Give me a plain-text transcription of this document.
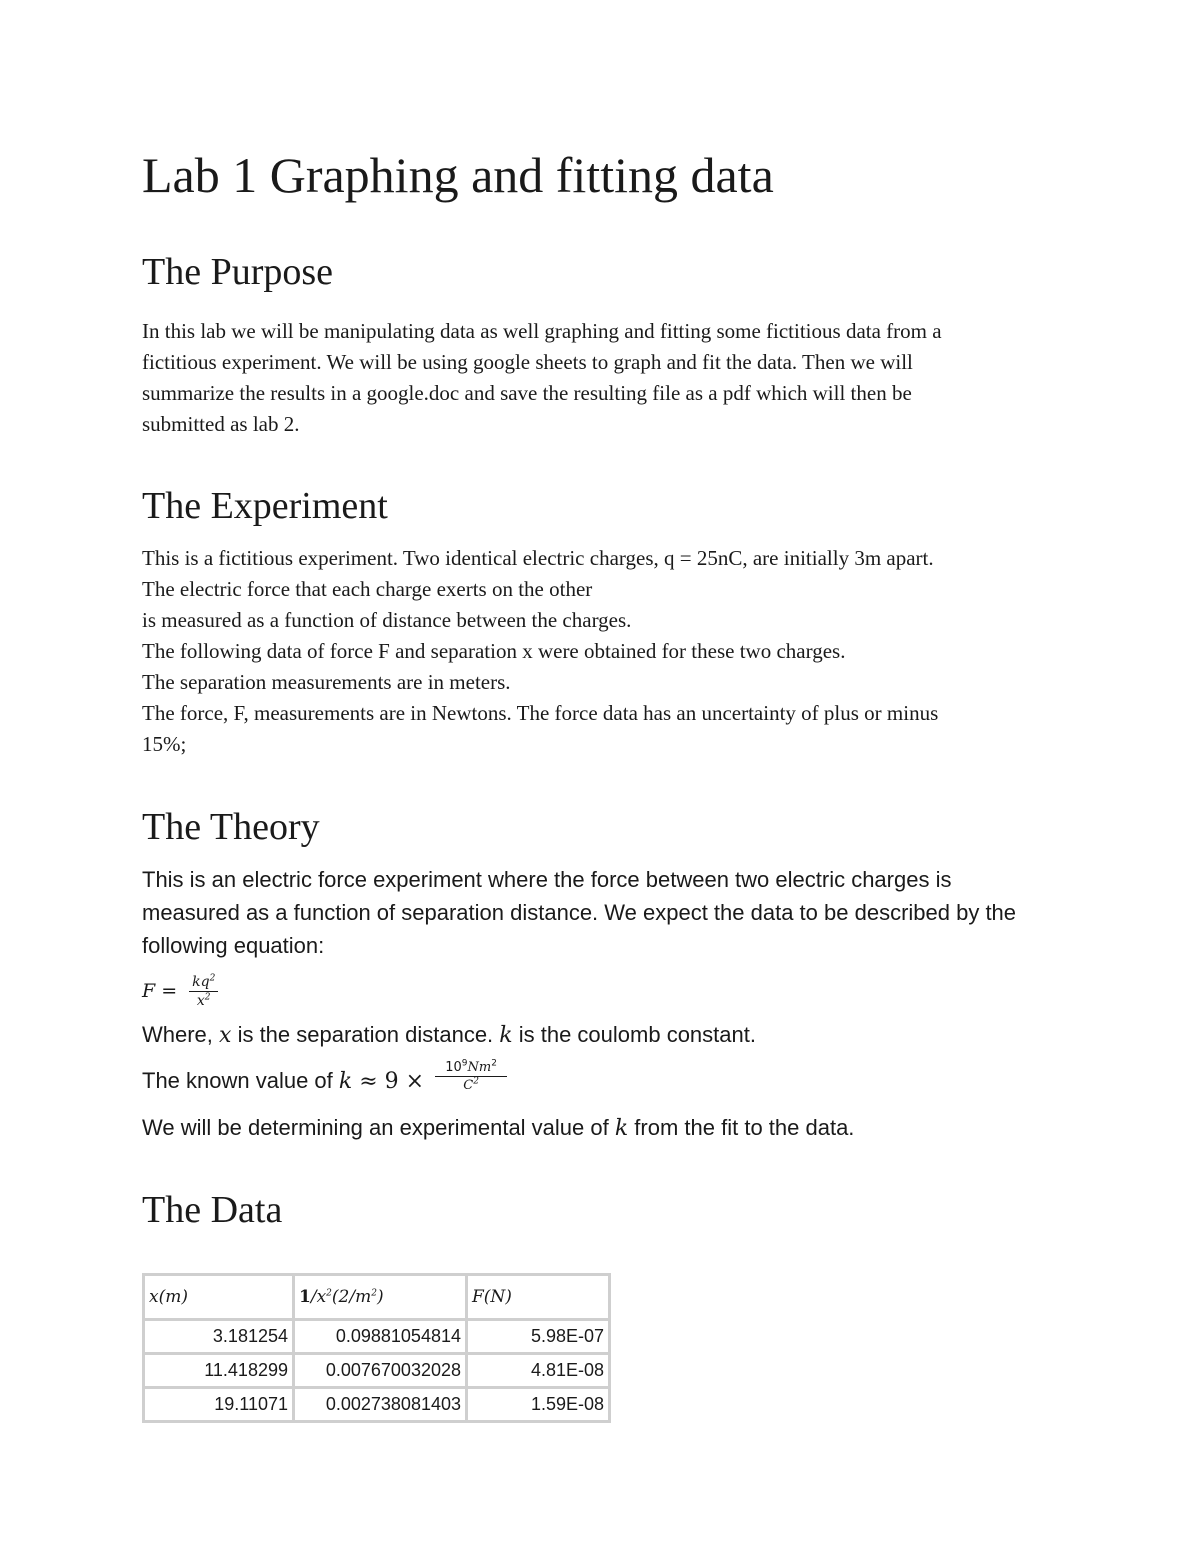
Lab 1 Graphing and fitting data
The Purpose
In this lab we will be manipulating data as well graphing and fitting some fictitious data from a
fictitious experiment. We will be using google sheets to graph and fit the data. Then we will
summarize the results in a google.doc and save the resulting file as a pdf which will then be
submitted as lab 2.
The Experiment
This is a fictitious experiment. Two identical electric charges, q = 25nC, are initially 3m apart.
The electric force that each charge exerts on the other
is measured as a function of distance between the charges.
The following data of force F and separation x were obtained for these two charges.
The separation measurements are in meters.
The force, F, measurements are in Newtons. The force data has an uncertainty of plus or minus
15%;
The Theory
This is an electric force experiment where the force between two electric charges is
measured as a function of separation distance. We expect the data to be described by the
following equation:
$F = \frac{kq^2}{x^2}$
Where, x is the separation distance. k is the coulomb constant.
The known value of $k \approx 9 \times \frac{10^9Nm^2}{C^2}$
We will be determining an experimental value of k from the fit to the data.
The Data
x(m)	$1/x^2(2/m^2)$	F(N)
3.181254	0.09881054814	5.98E-07
11.418299	0.007670032028	4.81E-08
19.11071	0.002738081403	1.59E-08
